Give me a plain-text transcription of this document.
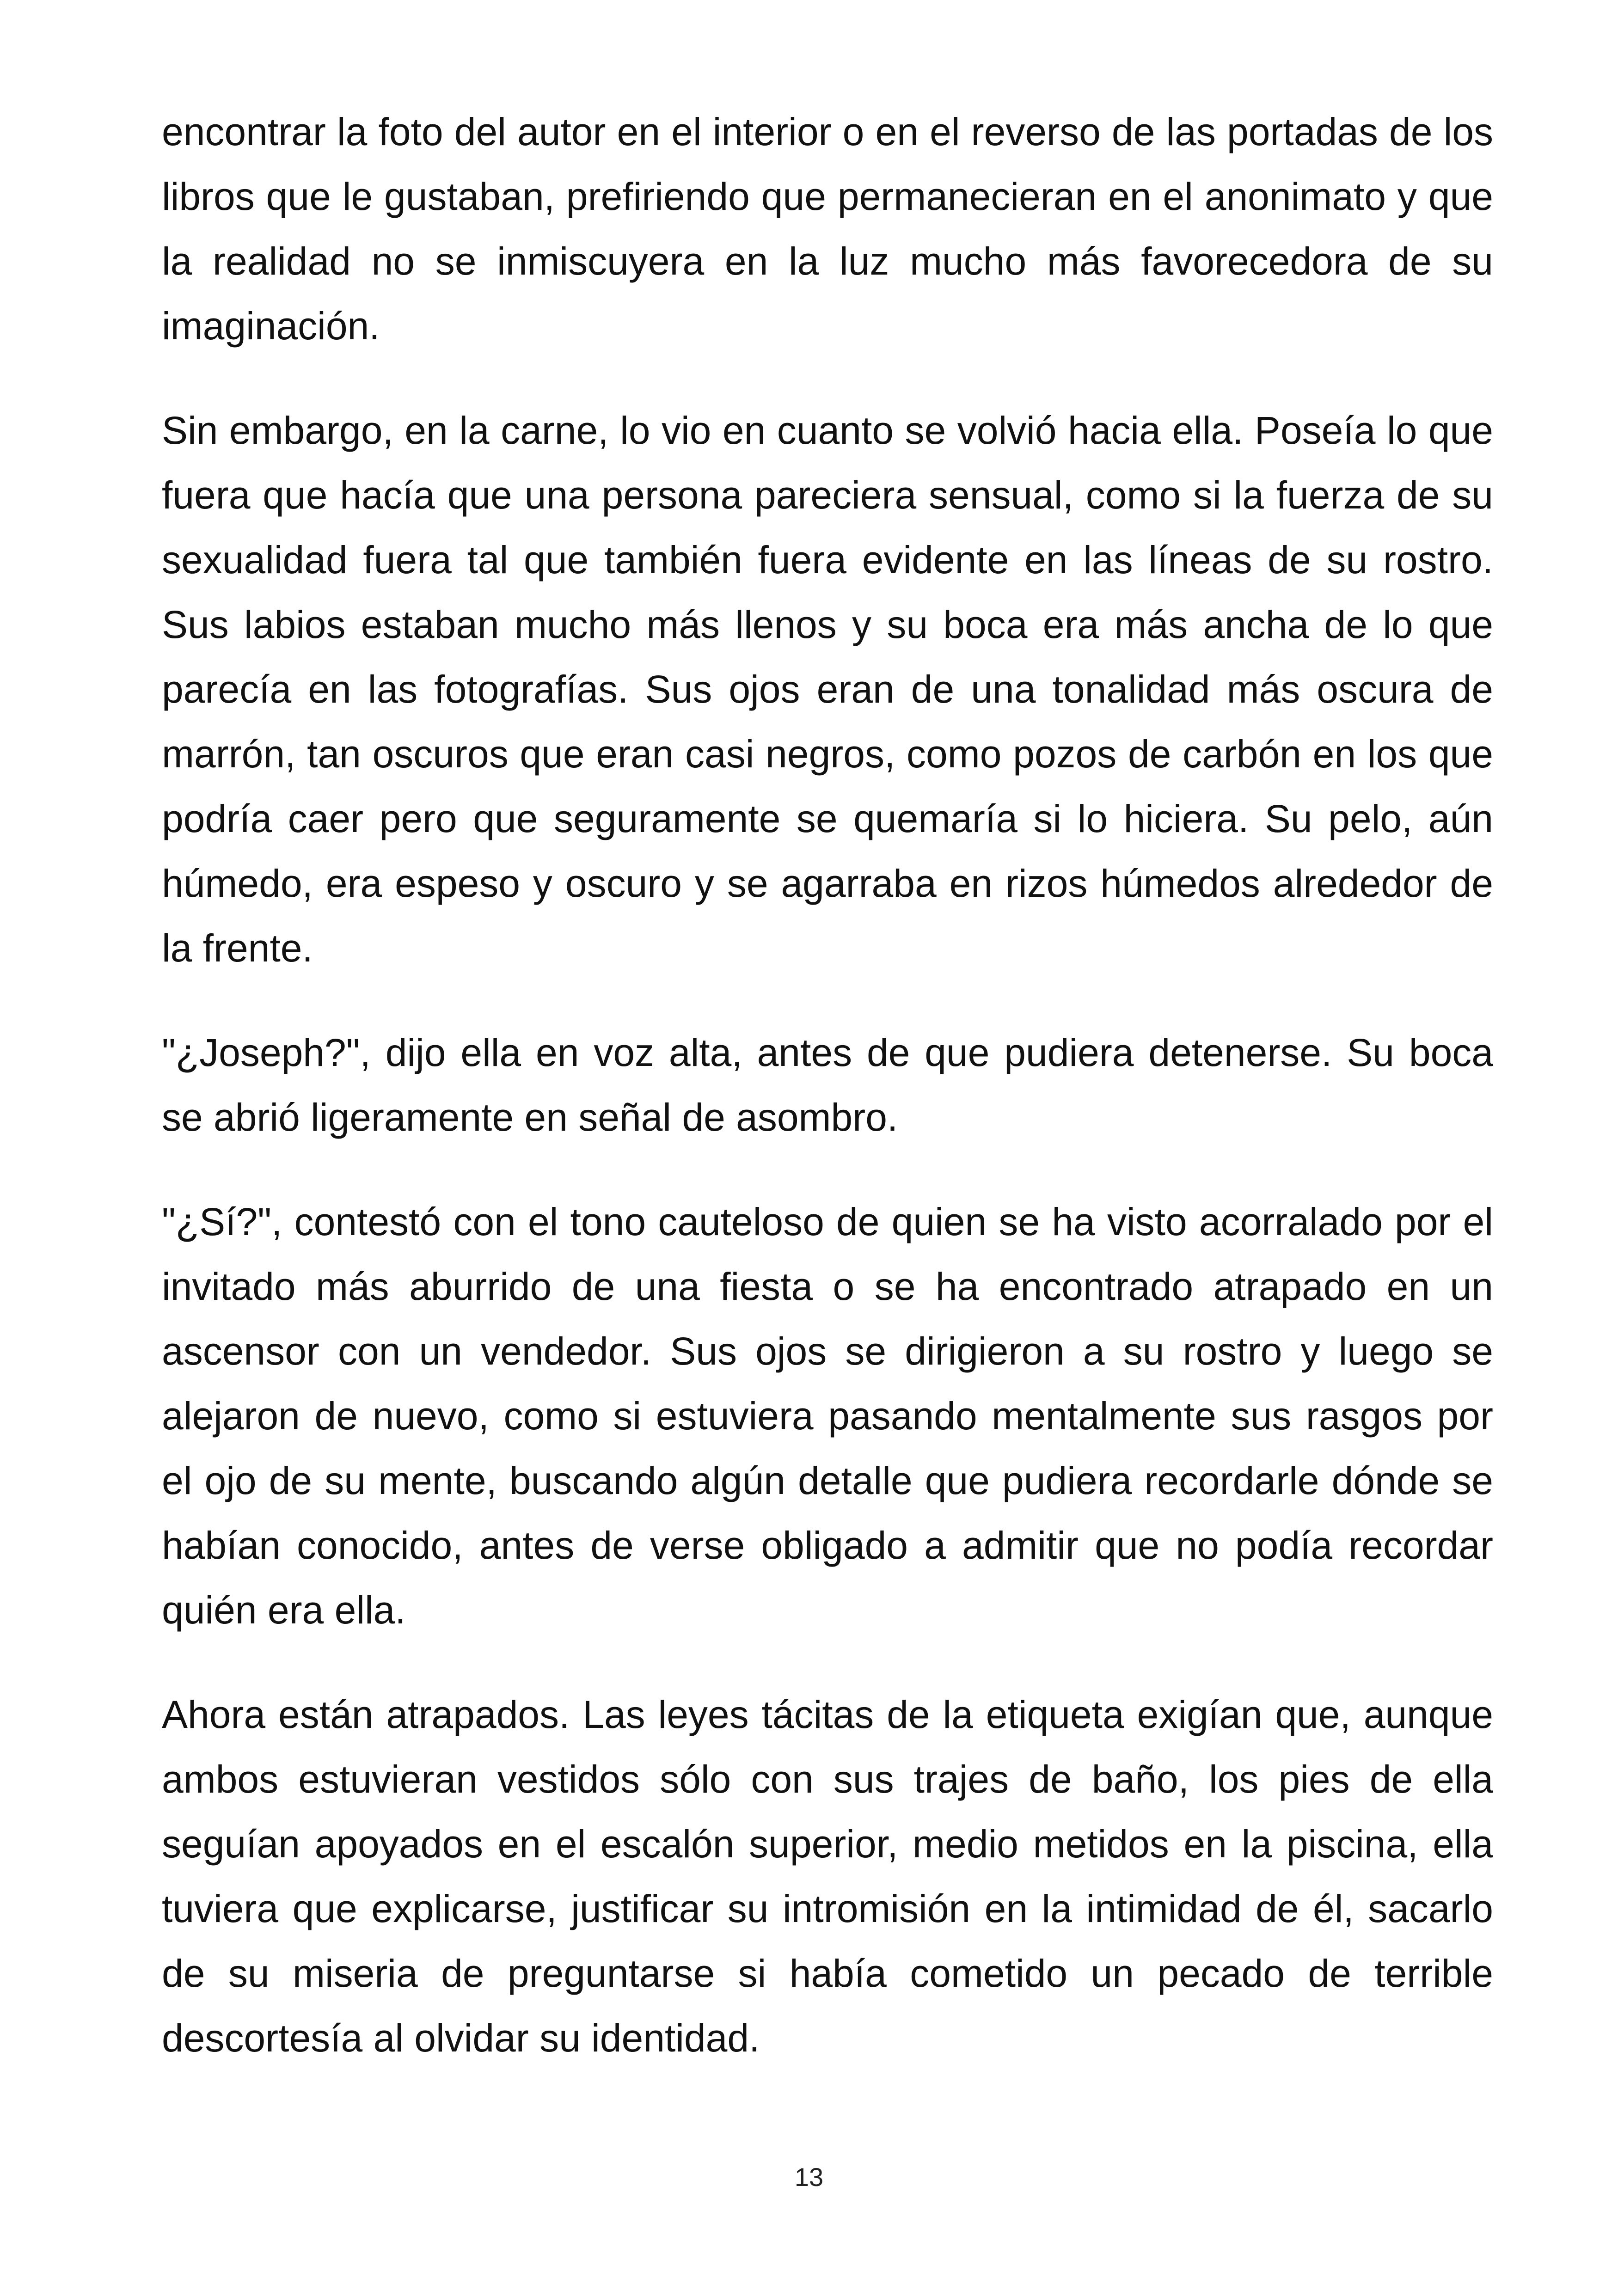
encontrar la foto del autor en el interior o en el reverso de las portadas de los libros que le gustaban, prefiriendo que permanecieran en el anonimato y que la realidad no se inmiscuyera en la luz mucho más favorecedora de su imaginación.

Sin embargo, en la carne, lo vio en cuanto se volvió hacia ella. Poseía lo que fuera que hacía que una persona pareciera sensual, como si la fuerza de su sexualidad fuera tal que también fuera evidente en las líneas de su rostro. Sus labios estaban mucho más llenos y su boca era más ancha de lo que parecía en las fotografías. Sus ojos eran de una tonalidad más oscura de marrón, tan oscuros que eran casi negros, como pozos de carbón en los que podría caer pero que seguramente se quemaría si lo hiciera. Su pelo, aún húmedo, era espeso y oscuro y se agarraba en rizos húmedos alrededor de la frente.

"¿Joseph?", dijo ella en voz alta, antes de que pudiera detenerse. Su boca se abrió ligeramente en señal de asombro.

"¿Sí?", contestó con el tono cauteloso de quien se ha visto acorralado por el invitado más aburrido de una fiesta o se ha encontrado atrapado en un ascensor con un vendedor. Sus ojos se dirigieron a su rostro y luego se alejaron de nuevo, como si estuviera pasando mentalmente sus rasgos por el ojo de su mente, buscando algún detalle que pudiera recordarle dónde se habían conocido, antes de verse obligado a admitir que no podía recordar quién era ella.

Ahora están atrapados. Las leyes tácitas de la etiqueta exigían que, aunque ambos estuvieran vestidos sólo con sus trajes de baño, los pies de ella seguían apoyados en el escalón superior, medio metidos en la piscina, ella tuviera que explicarse, justificar su intromisión en la intimidad de él, sacarlo de su miseria de preguntarse si había cometido un pecado de terrible descortesía al olvidar su identidad.

13
